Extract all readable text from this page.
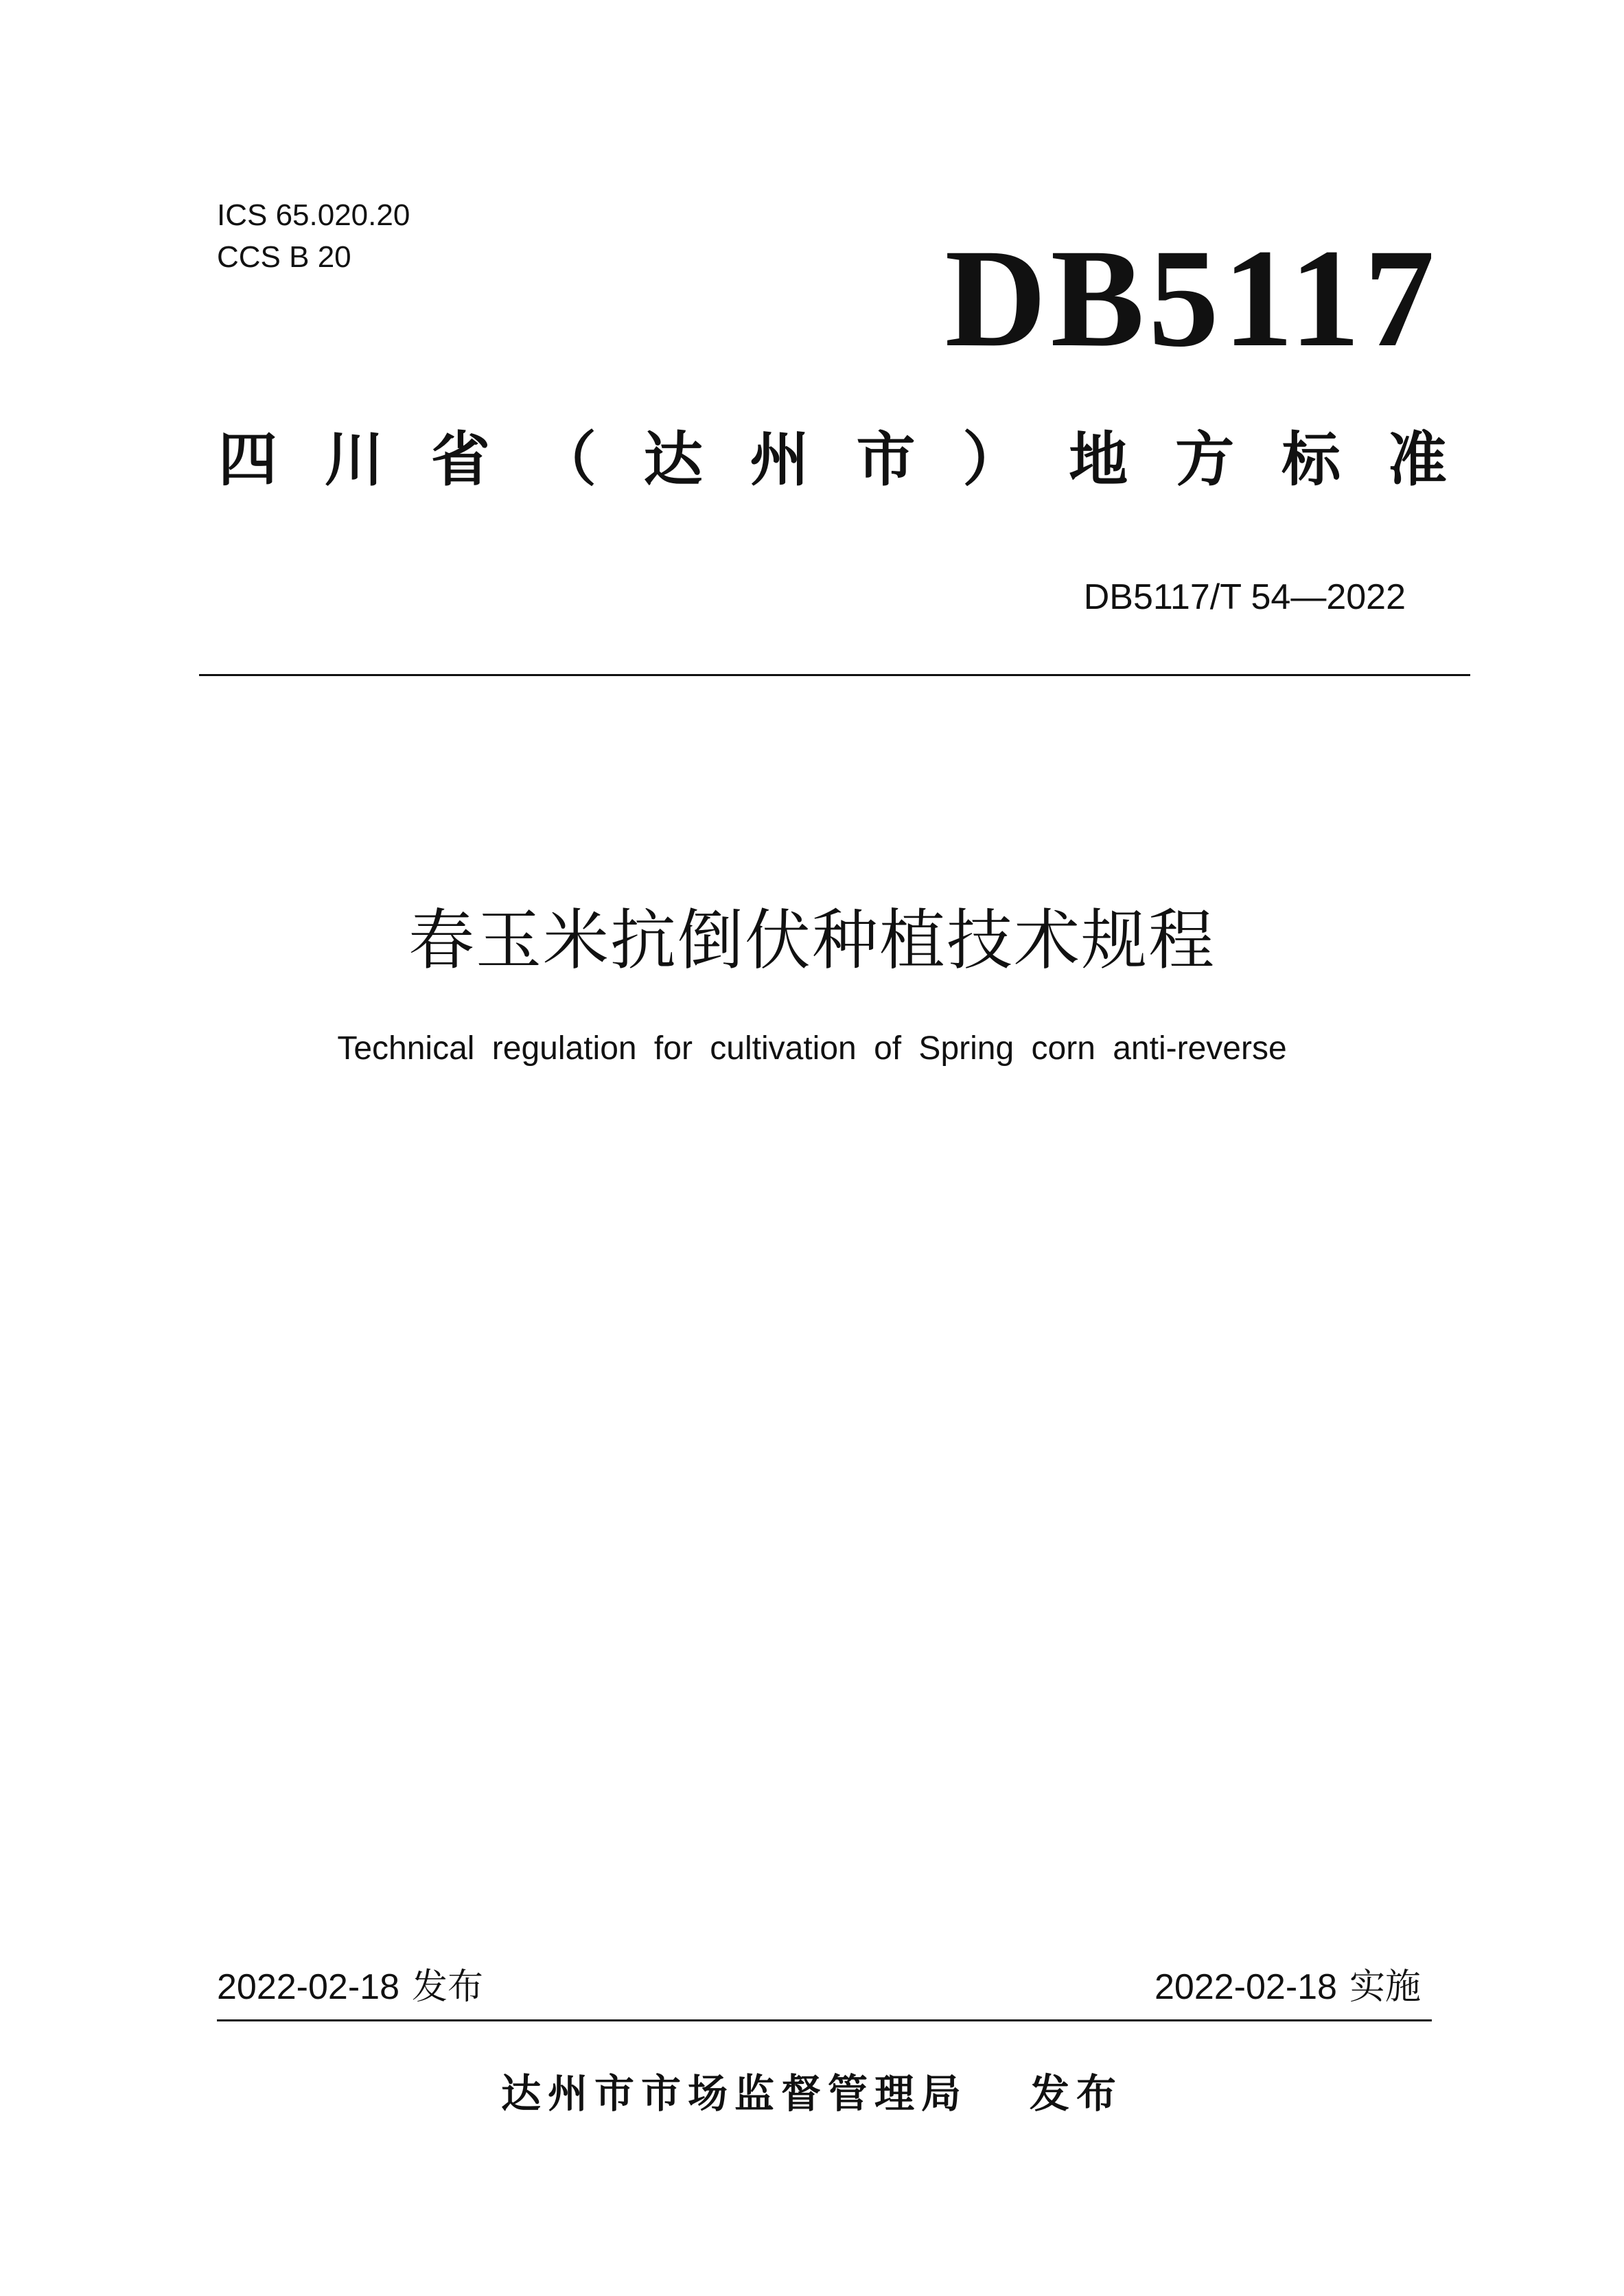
ICS 65.020.20
CCS B 20	DB5117
四 川 省 （ 达 州 市 ） 地 方 标 准
DB5117/T 54—2022
春玉米抗倒伏种植技术规程
Technical regulation for cultivation of Spring corn anti-reverse
2022-02-18 发布	2022-02-18 实施
达州市市场监督管理局 发布
